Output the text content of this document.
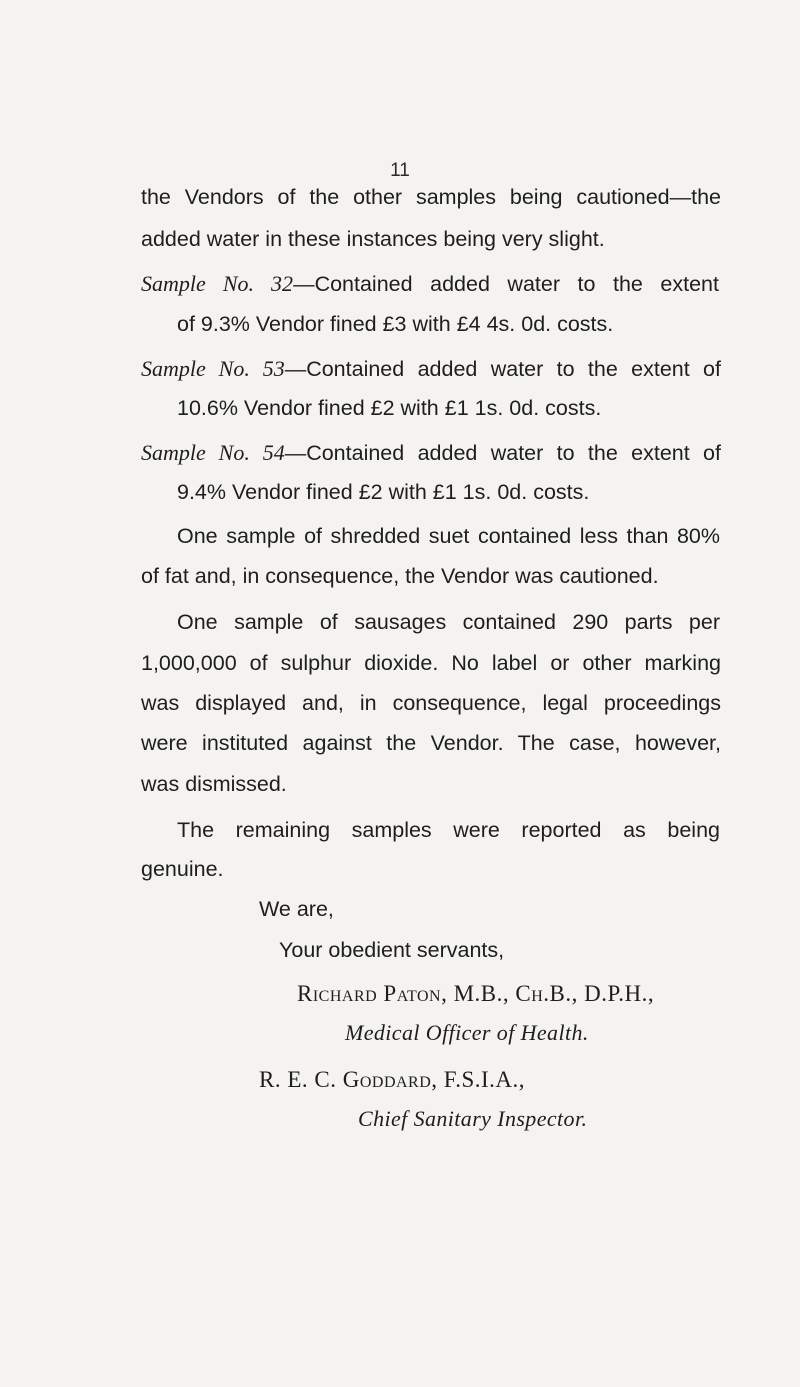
11
the Vendors of the other samples being cautioned—the
added water in these instances being very slight.
Sample No. 32—Contained added water to the extent
of 9.3% Vendor fined £3 with £4 4s. 0d. costs.
Sample No. 53—Contained added water to the extent of
10.6% Vendor fined £2 with £1 1s. 0d. costs.
Sample No. 54—Contained added water to the extent of
9.4% Vendor fined £2 with £1 1s. 0d. costs.
One sample of shredded suet contained less than 80%
of fat and, in consequence, the Vendor was cautioned.
One sample of sausages contained 290 parts per
1,000,000 of sulphur dioxide. No label or other marking
was displayed and, in consequence, legal proceedings
were instituted against the Vendor. The case, however,
was dismissed.
The remaining samples were reported as being
genuine.
We are,
Your obedient servants,
Richard Paton, M.B., Ch.B., D.P.H.,
Medical Officer of Health.
R. E. C. Goddard, F.S.I.A.,
Chief Sanitary Inspector.
